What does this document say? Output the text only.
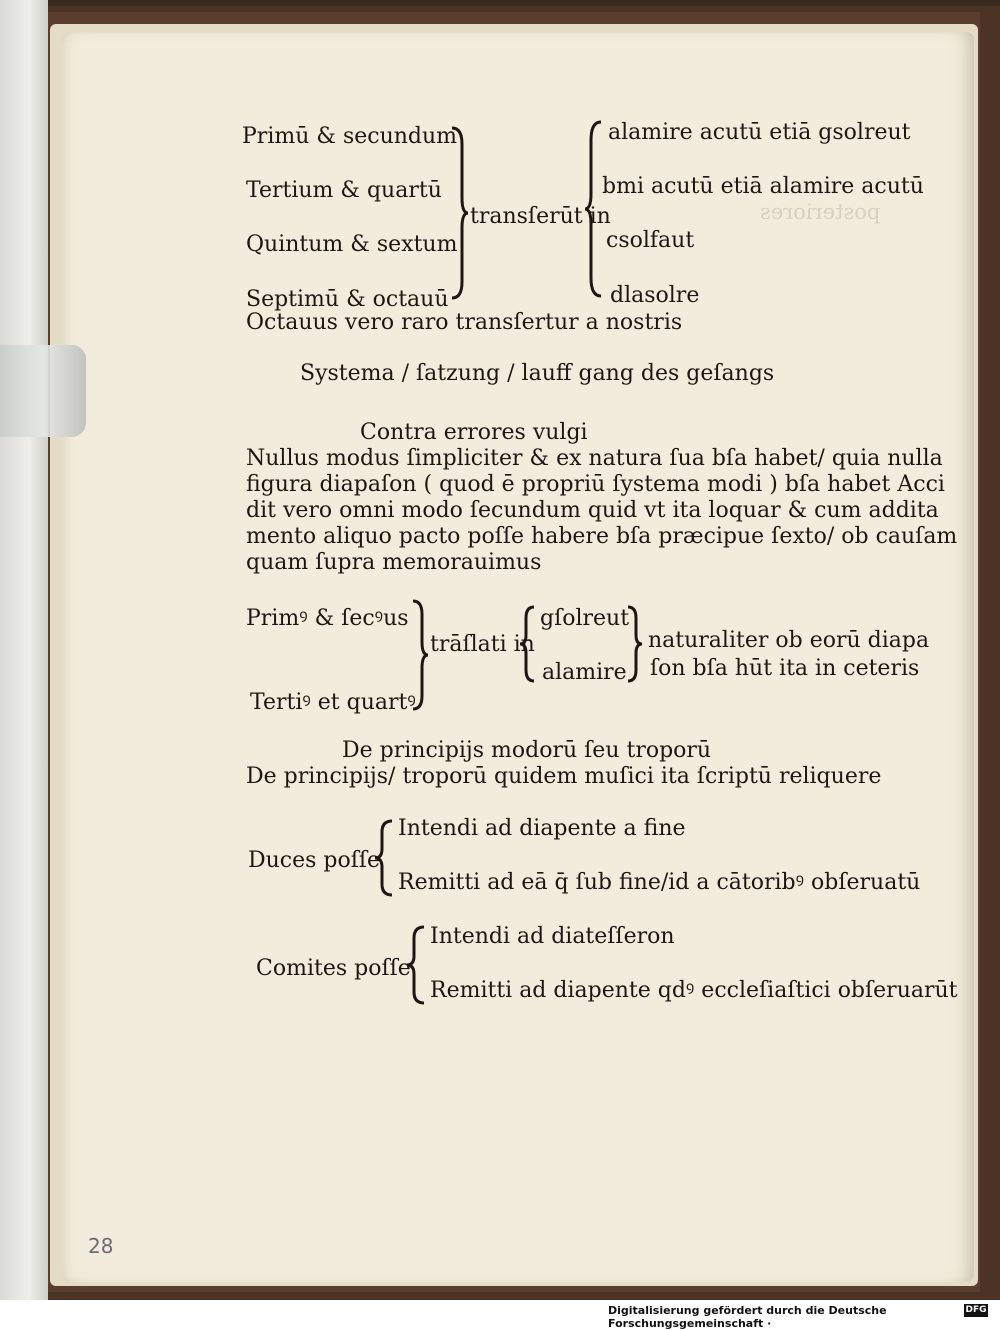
posteriores
Primū & secundum
Tertium & quartū
Quintum & sextum
Septimū & octauū
transſerūt in
alamire acutū etiā gsolreut
bmi acutū etiā alamire acutū
csolfaut
dlasolre
Octauus vero raro transſertur a nostris
Systema / ſatzung / lauff gang des geſangs
Contra errores vulgi
Nullus modus ſimpliciter & ex natura ſua bſa habet/ quia nulla
figura diapaſon ( quod ē propriū ſystema modi ) bſa habet Acci
dit vero omni modo ſecundum quid vt ita loquar & cum addita
mento aliquo pacto poſſe habere bſa præcipue ſexto/ ob cauſam
quam ſupra memorauimus
Primꝰ & ſecꝰus
Tertiꝰ et quartꝰ
trāſlati in
gſolreut
alamire
naturaliter ob eorū diapa
ſon bſa hūt ita in ceteris
De principijs modorū ſeu troporū
De principijs/ troporū quidem muſici ita ſcriptū reliquere
Duces poſſe
Intendi ad diapente a fine
Remitti ad eā q̄ ſub fine/id a cātoribꝰ obſeruatū
Comites poſſe
Intendi ad diateſſeron
Remitti ad diapente qdꝰ eccleſiaſtici obſeruarūt
28
Digitalisierung gefördert durch die Deutsche Forschungsgemeinschaft ·
DFG
